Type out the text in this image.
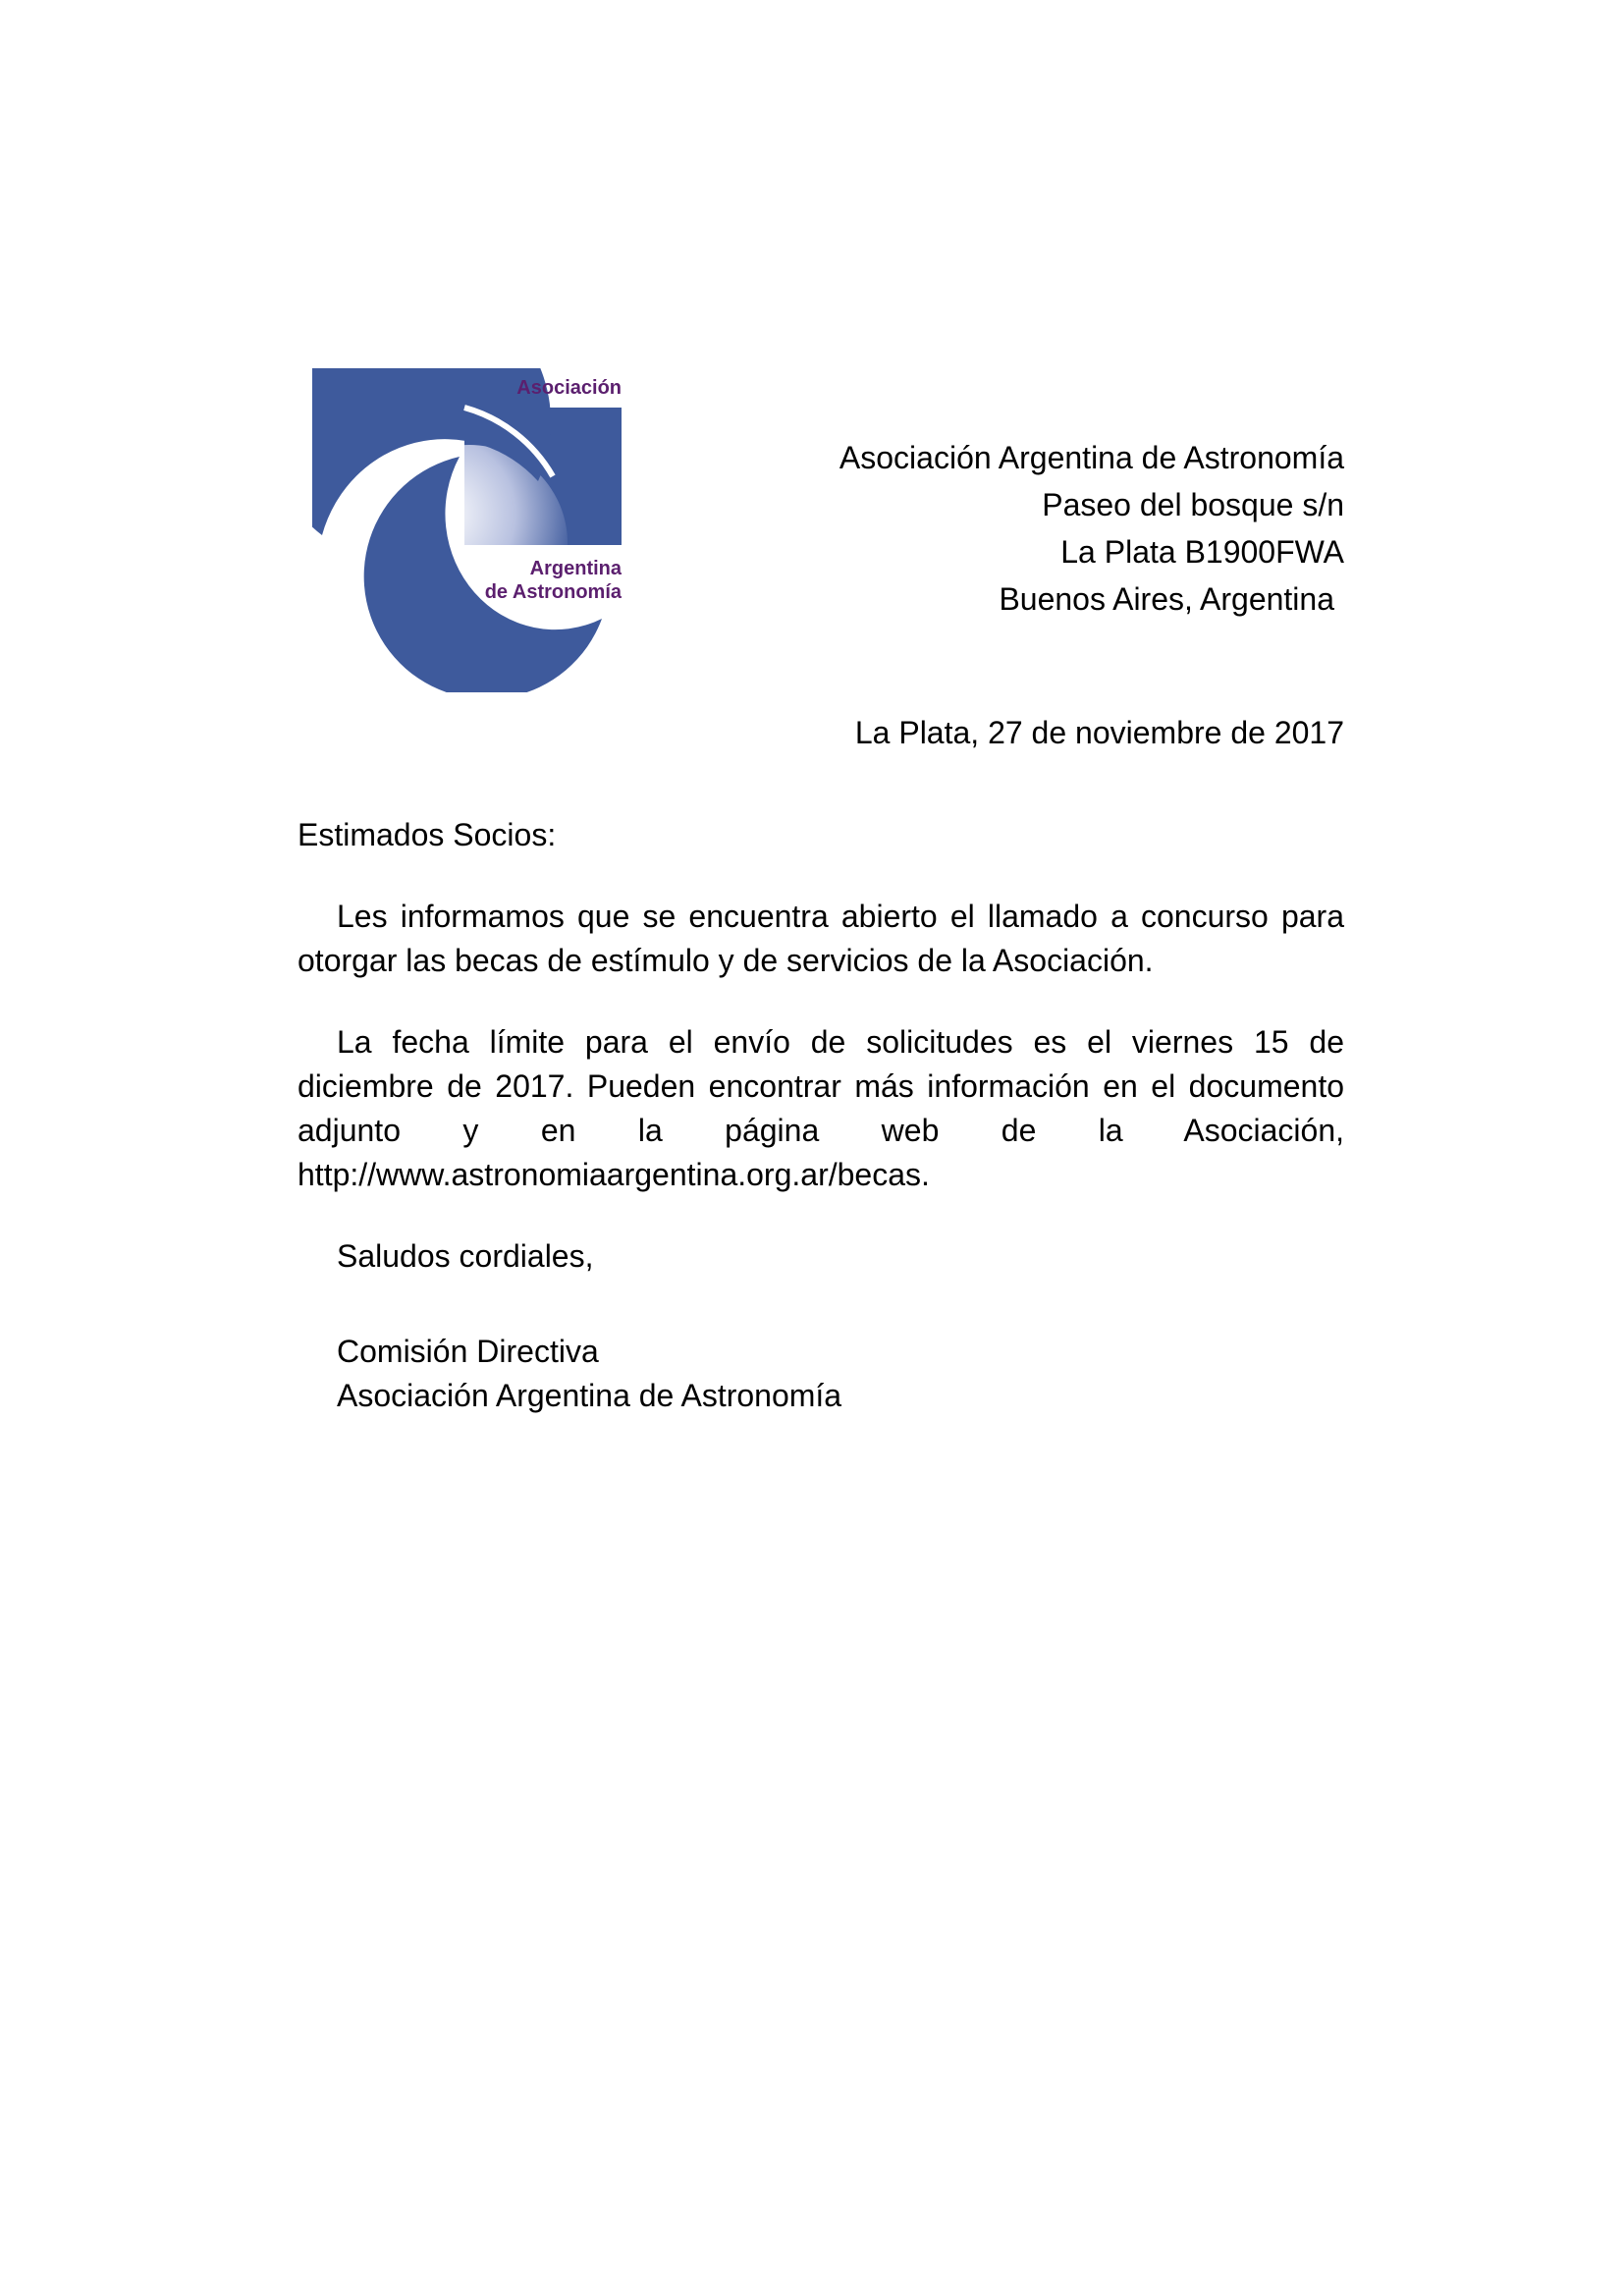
Asociación
Argentina
de Astronomía
Asociación Argentina de Astronomía
Paseo del bosque s/n
La Plata B1900FWA
Buenos Aires, Argentina
La Plata, 27 de noviembre de 2017

Estimados Socios:

Les informamos que se encuentra abierto el llamado a concurso para otorgar las becas de estímulo y de servicios de la Asociación.

La fecha límite para el envío de solicitudes es el viernes 15 de diciembre de 2017. Pueden encontrar más información en el documento adjunto y en la página web de la Asociación, http://www.astronomiaargentina.org.ar/becas.

Saludos cordiales,

Comisión Directiva
Asociación Argentina de Astronomía
